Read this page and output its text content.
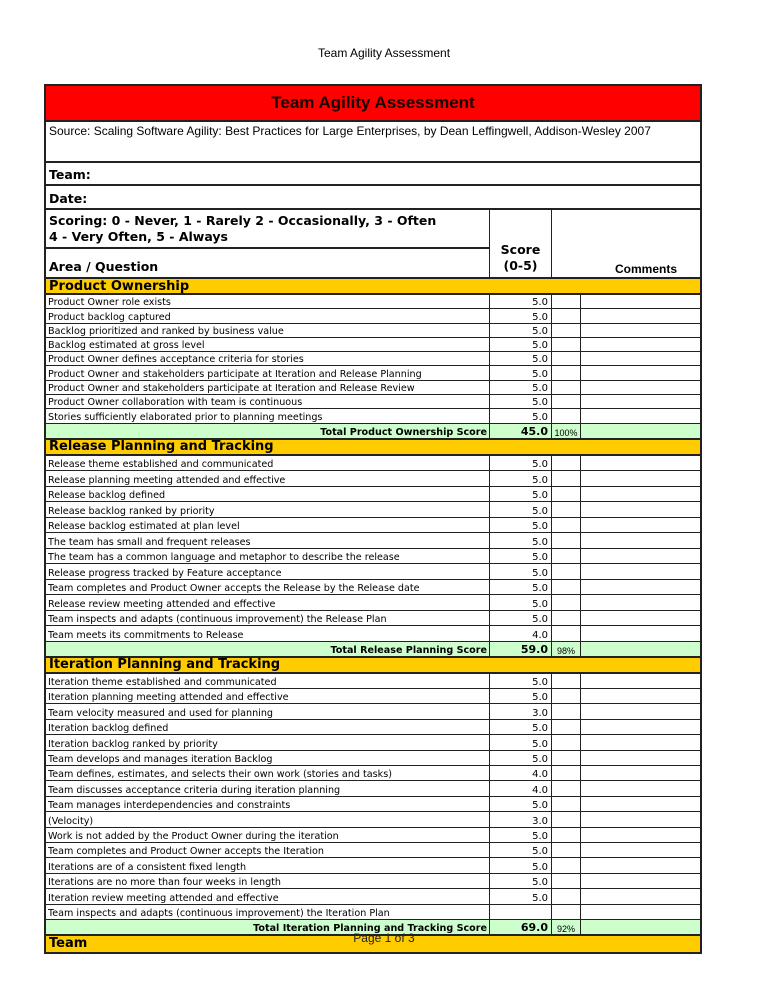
Team Agility Assessment
Team Agility Assessment
Source: Scaling Software Agility: Best Practices for Large Enterprises, by Dean Leffingwell, Addison-Wesley 2007
Team:
Date:
Scoring: 0 - Never, 1 - Rarely 2 - Occasionally, 3 - Often
4 - Very Often, 5 - Always
Area / Question
Score (0-5)	Comments
Product Ownership
Product Owner role exists	5.0
Product backlog captured	5.0
Backlog prioritized and ranked by business value	5.0
Backlog estimated at gross level	5.0
Product Owner defines acceptance criteria for stories	5.0
Product Owner and stakeholders participate at Iteration and Release Planning	5.0
Product Owner and stakeholders participate at Iteration and Release Review	5.0
Product Owner collaboration with team is continuous	5.0
Stories sufficiently elaborated prior to planning meetings	5.0
Total Product Ownership Score	45.0 100%
Release Planning and Tracking
Release theme established and communicated	5.0
Release planning meeting attended and effective	5.0
Release backlog defined	5.0
Release backlog ranked by priority	5.0
Release backlog estimated at plan level	5.0
The team has small and frequent releases	5.0
The team has a common language and metaphor to describe the release	5.0
Release progress tracked by Feature acceptance	5.0
Team completes and Product Owner accepts the Release by the Release date	5.0
Release review meeting attended and effective	5.0
Team inspects and adapts (continuous improvement) the Release Plan	5.0
Team meets its commitments to Release	4.0
Total Release Planning Score	59.0 98%
Iteration Planning and Tracking
Iteration theme established and communicated	5.0
Iteration planning meeting attended and effective	5.0
Team velocity measured and used for planning	3.0
Iteration backlog defined	5.0
Iteration backlog ranked by priority	5.0
Team develops and manages iteration Backlog	5.0
Team defines, estimates, and selects their own work (stories and tasks)	4.0
Team discusses acceptance criteria during iteration planning	4.0
Team manages interdependencies and constraints	5.0
(Velocity)	3.0
Work is not added by the Product Owner during the iteration	5.0
Team completes and Product Owner accepts the Iteration	5.0
Iterations are of a consistent fixed length	5.0
Iterations are no more than four weeks in length	5.0
Iteration review meeting attended and effective	5.0
Team inspects and adapts (continuous improvement) the Iteration Plan
Total Iteration Planning and Tracking Score	69.0 92%
Team	Page 1 of 3
